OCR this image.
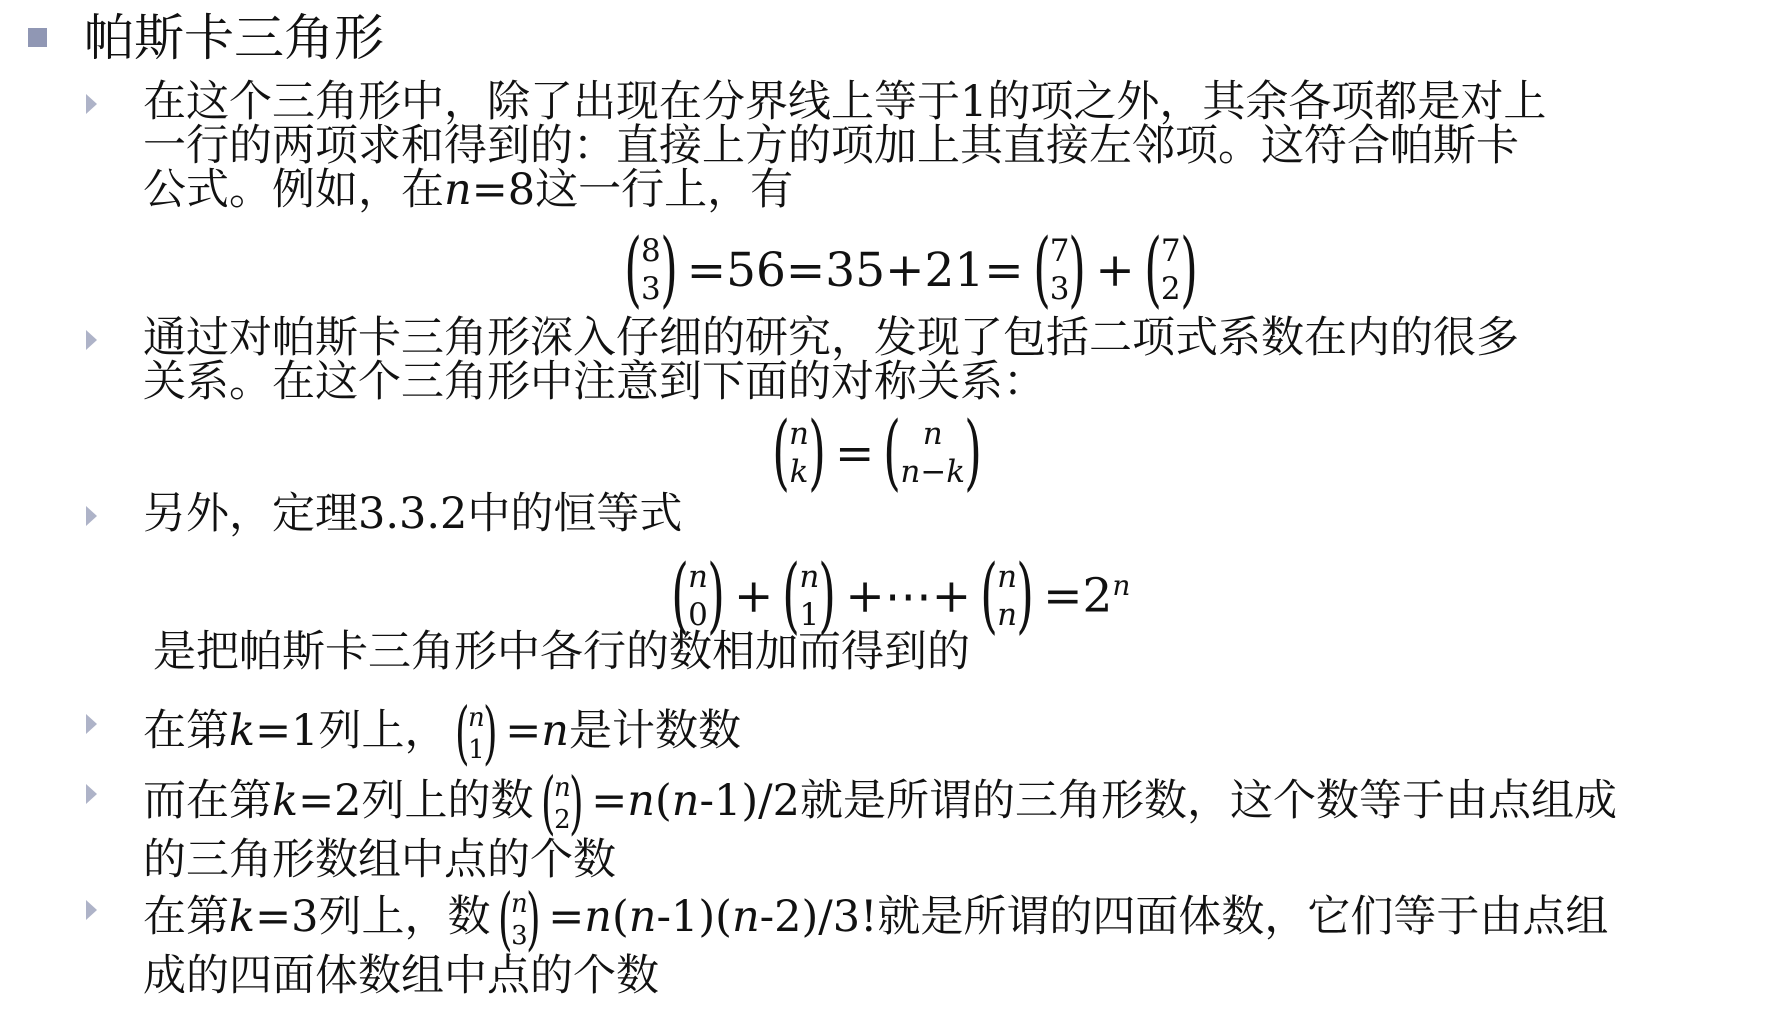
帕斯卡三角形
在这个三角形中，除了出现在分界线上等于1的项之外，其余各项都是对上
一行的两项求和得到的：直接上方的项加上其直接左邻项。这符合帕斯卡
公式。例如，在n=8这一行上，有
( 8
3 ) =56=35+21= ( 7
3 ) + ( 7
2 )
通过对帕斯卡三角形深入仔细的研究，发现了包括二项式系数在内的很多
关系。在这个三角形中注意到下面的对称关系：
( n
k ) = ( n
n−k )
另外，定理3.3.2中的恒等式
( n
0 ) + ( n
1 ) +⋯+ ( n
n ) $=2^n$
是把帕斯卡三角形中各行的数相加而得到的
在第k=1列上， (
n
1
) =n是计数数
而在第k=2列上的数 (
n
2
) =n(n-1)/2就是所谓的三角形数，这个数等于由点组成
的三角形数组中点的个数
在第k=3列上，数 (
n
3
) =n(n-1)(n-2)/3!就是所谓的四面体数，它们等于由点组
成的四面体数组中点的个数
